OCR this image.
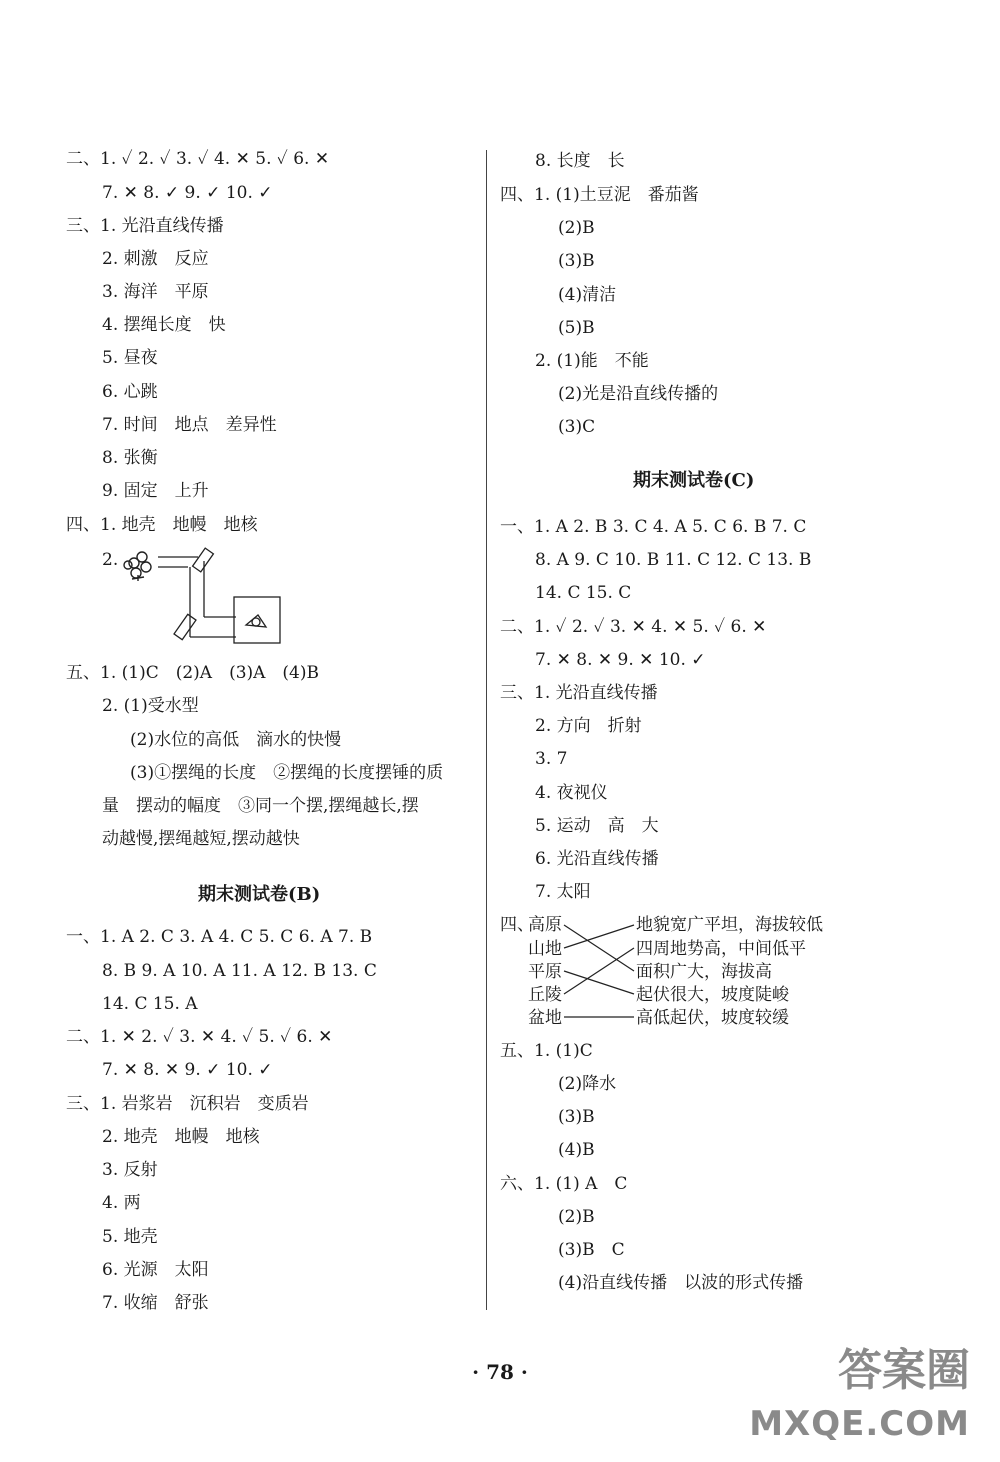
二、1. ✓ 2. ✓ 3. ✓ 4. ✕ 5. ✓ 6. ✕
7. ✕ 8. ✓ 9. ✓ 10. ✓
三、1. 光沿直线传播
2. 刺激　反应
3. 海洋　平原
4. 摆绳长度　快
5. 昼夜
6. 心跳
7. 时间　地点　差异性
8. 张衡
9. 固定　上升
四、1. 地壳　地幔　地核
2.
五、1. (1)C　(2)A　(3)A　(4)B
2. (1)受水型
(2)水位的高低　滴水的快慢
(3)①摆绳的长度　②摆绳的长度摆锤的质
量　摆动的幅度　③同一个摆,摆绳越长,摆
动越慢,摆绳越短,摆动越快
期末测试卷(B)
一、1. A 2. C 3. A 4. C 5. C 6. A 7. B
8. B 9. A 10. A 11. A 12. B 13. C
14. C 15. A
二、1. ✕ 2. ✓ 3. ✕ 4. ✓ 5. ✓ 6. ✕
7. ✕ 8. ✕ 9. ✓ 10. ✓
三、1. 岩浆岩　沉积岩　变质岩
2. 地壳　地幔　地核
3. 反射
4. 两
5. 地壳
6. 光源　太阳
7. 收缩　舒张
8. 长度　长
四、1. (1)土豆泥　番茄酱
(2)B
(3)B
(4)清洁
(5)B
2. (1)能　不能
(2)光是沿直线传播的
(3)C
期末测试卷(C)
一、1. A 2. B 3. C 4. A 5. C 6. B 7. C
8. A 9. C 10. B 11. C 12. C 13. B
14. C 15. C
二、1. ✓ 2. ✓ 3. ✕ 4. ✕ 5. ✓ 6. ✕
7. ✕ 8. ✕ 9. ✕ 10. ✓
三、1. 光沿直线传播
2. 方向　折射
3. 7
4. 夜视仪
5. 运动　高　大
6. 光沿直线传播
7. 太阳
四、
高原
山地
平原
丘陵
盆地
地貌宽广平坦，海拔较低
四周地势高，中间低平
面积广大，海拔高
起伏很大，坡度陡峻
高低起伏，坡度较缓
五、1. (1)C
(2)降水
(3)B
(4)B
六、1. (1) A　C
(2)B
(3)B　C
(4)沿直线传播　以波的形式传播
· 78 ·	答案圈
MXQE.COM
